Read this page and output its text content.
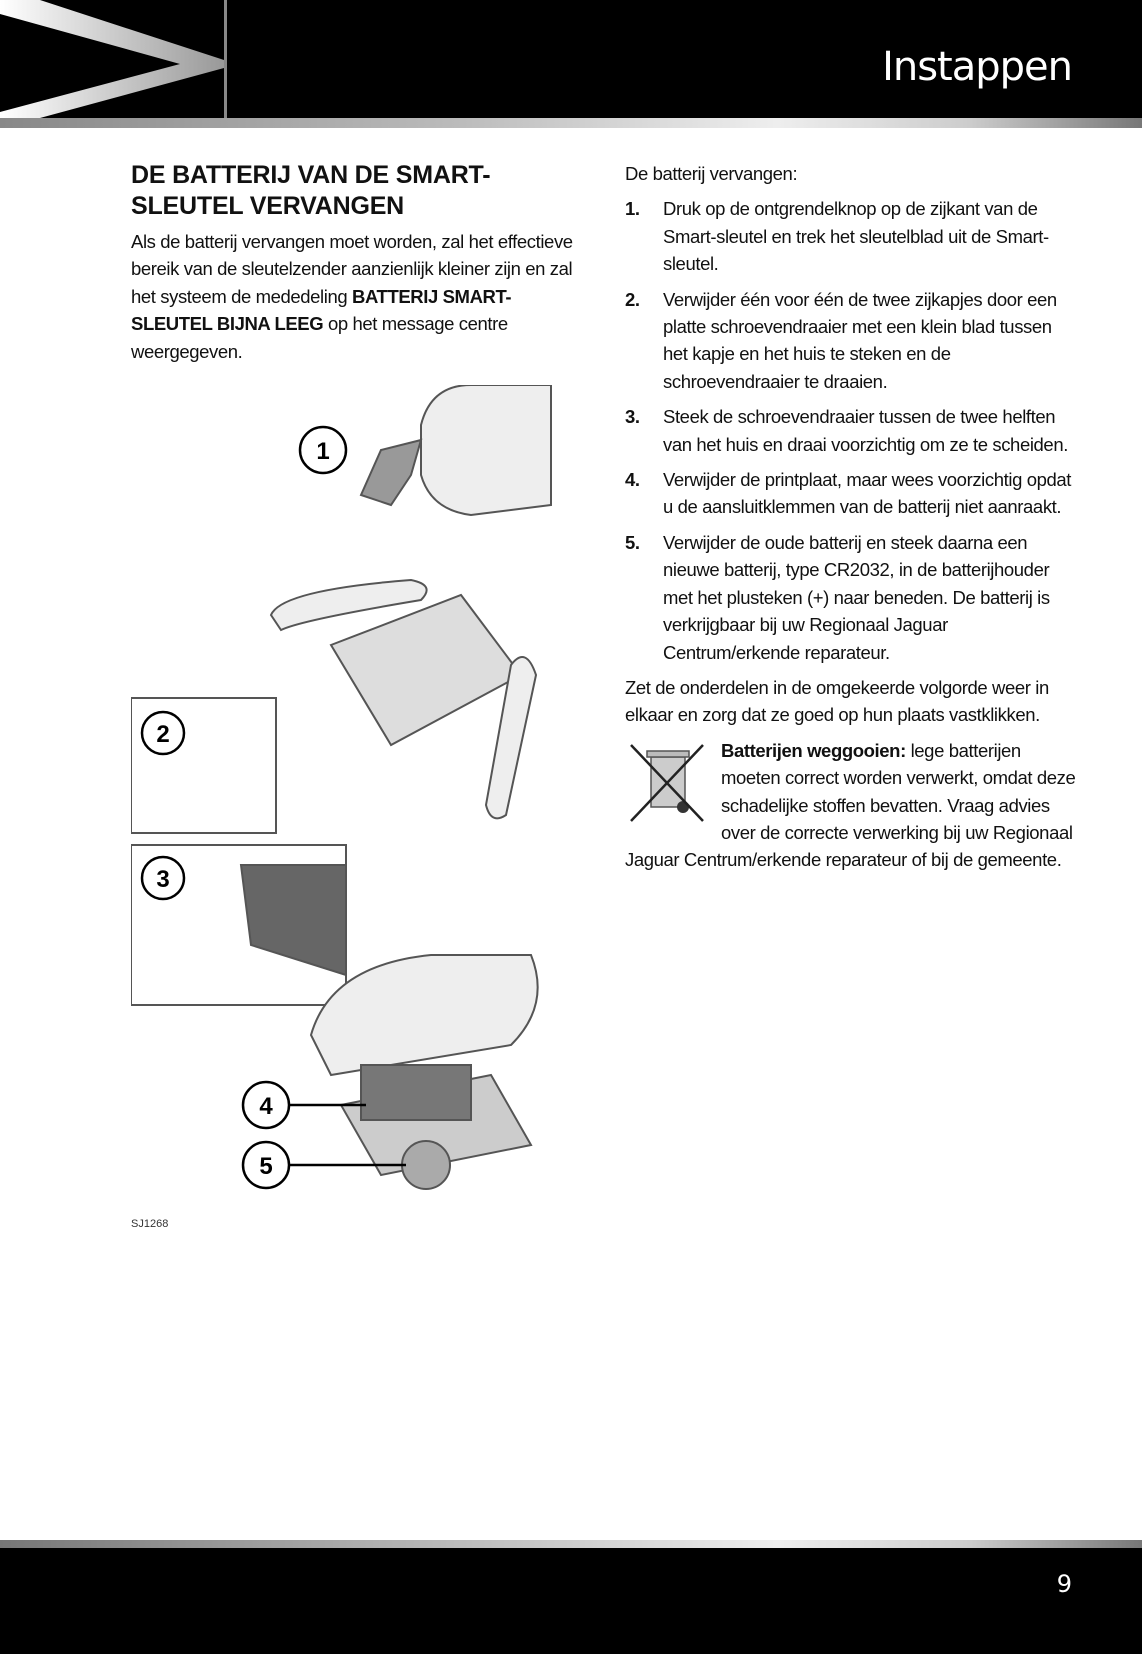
Instappen
DE BATTERIJ VAN DE SMART-SLEUTEL VERVANGEN

Als de batterij vervangen moet worden, zal het effectieve bereik van de sleutelzender aanzienlijk kleiner zijn en zal het systeem de mededeling BATTERIJ SMART-SLEUTEL BIJNA LEEG op het message centre weergegeven.

1
2
3
4
5
SJ1268

De batterij vervangen:

1. Druk op de ontgrendelknop op de zijkant van de Smart-sleutel en trek het sleutelblad uit de Smart-sleutel.
2. Verwijder één voor één de twee zijkapjes door een platte schroevendraaier met een klein blad tussen het kapje en het huis te steken en de schroevendraaier te draaien.
3. Steek de schroevendraaier tussen de twee helften van het huis en draai voorzichtig om ze te scheiden.
4. Verwijder de printplaat, maar wees voorzichtig opdat u de aansluitklemmen van de batterij niet aanraakt.
5. Verwijder de oude batterij en steek daarna een nieuwe batterij, type CR2032, in de batterijhouder met het plusteken (+) naar beneden. De batterij is verkrijgbaar bij uw Regionaal Jaguar Centrum/erkende reparateur.

Zet de onderdelen in de omgekeerde volgorde weer in elkaar en zorg dat ze goed op hun plaats vastklikken.

Batterijen weggooien: lege batterijen moeten correct worden verwerkt, omdat deze schadelijke stoffen bevatten. Vraag advies over de correcte verwerking bij uw Regionaal Jaguar Centrum/erkende reparateur of bij de gemeente.
9
